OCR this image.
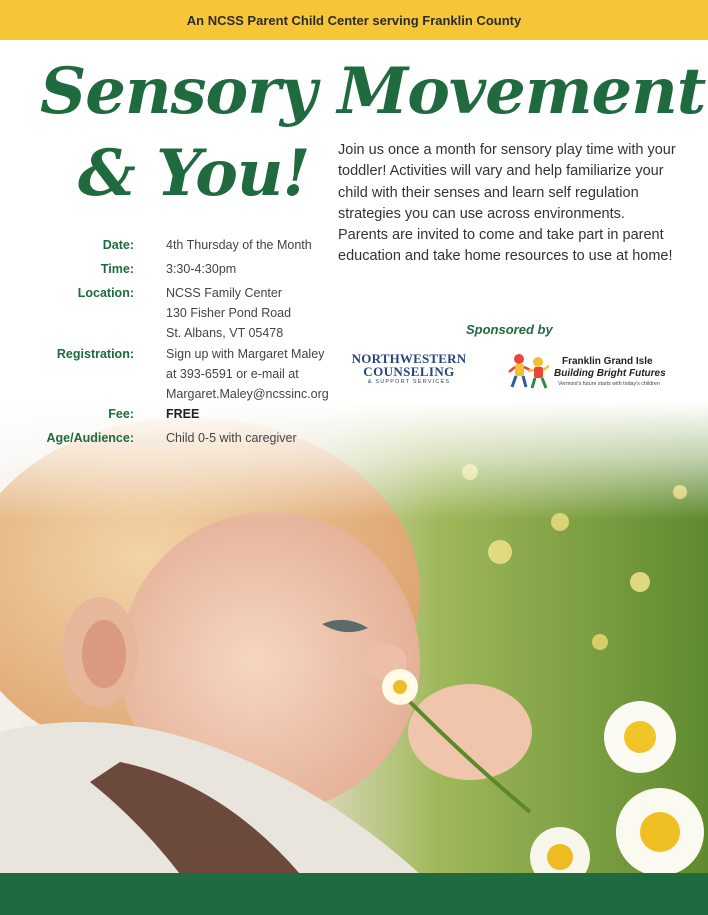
An NCSS Parent Child Center serving Franklin County
Sensory Movement
& You! Join us once a month for sensory play time with your toddler! Activities will vary and help familiarize your child with their senses and learn self regulation strategies you can use across environments. Parents are invited to come and take part in parent education and take home resources to use at home!
Sponsored by
NORTHWESTERN
COUNSELING
& SUPPORT SERVICES
Franklin Grand Isle
Building Bright Futures
Vermont's future starts with today's children
Date:	4th Thursday of the Month
Time:	3:30-4:30pm
Location:	NCSS Family Center
130 Fisher Pond Road
St. Albans, VT 05478
Registration:	Sign up with Margaret Maley
at 393-6591 or e-mail at
Margaret.Maley@ncssinc.org
Fee:	FREE
Age/Audience:	Child 0-5 with caregiver
